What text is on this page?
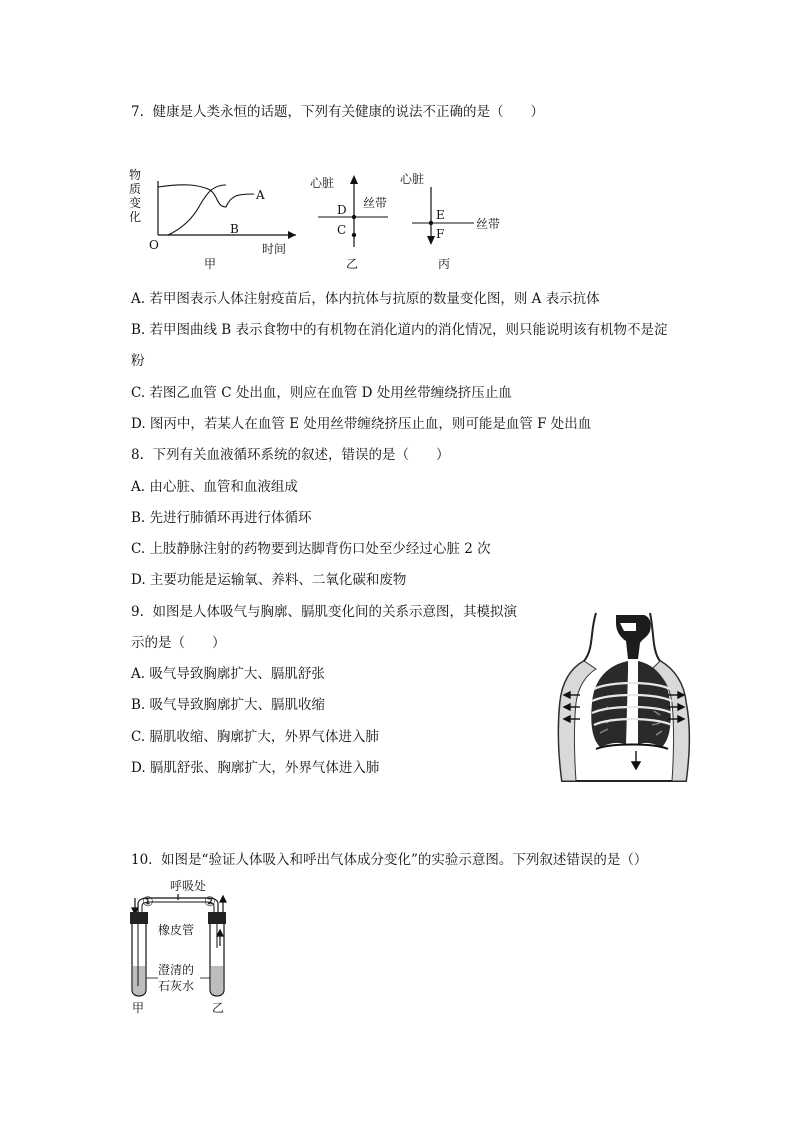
7.  健康是人类永恒的话题，下列有关健康的说法不正确的是（　　）
物
质
变
化
A
B
O	时间
甲
心脏
丝带
D
C
乙
心脏
E
F
丝带
丙
A. 若甲图表示人体注射疫苗后，体内抗体与抗原的数量变化图，则 A 表示抗体
B. 若甲图曲线 B 表示食物中的有机物在消化道内的消化情况，则只能说明该有机物不是淀
粉
C. 若图乙血管 C 处出血，则应在血管 D 处用丝带缠绕挤压止血
D. 图丙中，若某人在血管 E 处用丝带缠绕挤压止血，则可能是血管 F 处出血
8.  下列有关血液循环系统的叙述，错误的是（　　）
A. 由心脏、血管和血液组成
B. 先进行肺循环再进行体循环
C. 上肢静脉注射的药物要到达脚背伤口处至少经过心脏 2 次
D. 主要功能是运输氧、养料、二氧化碳和废物
9.  如图是人体吸气与胸廓、膈肌变化间的关系示意图，其模拟演
示的是（　　）
A. 吸气导致胸廓扩大、膈肌舒张
B. 吸气导致胸廓扩大、膈肌收缩
C. 膈肌收缩、胸廓扩大，外界气体进入肺
D. 膈肌舒张、胸廓扩大，外界气体进入肺
10.  如图是“验证人体吸入和呼出气体成分变化”的实验示意图。下列叙述错误的是（）
呼吸处
①	②
橡皮管
澄清的
石灰水
甲	乙
